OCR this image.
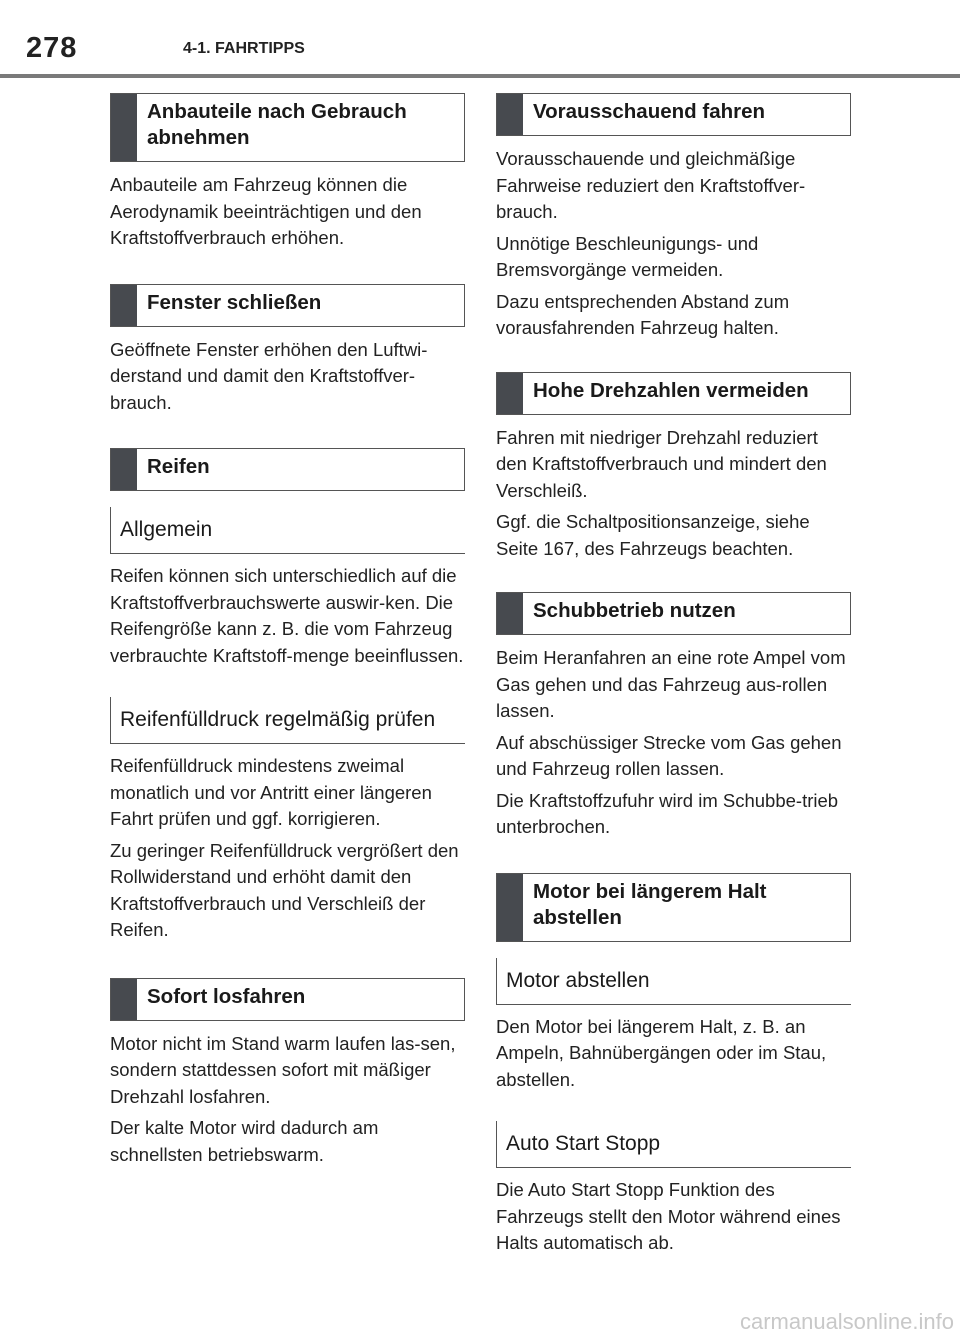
278	4-1. FAHRTIPPS
Anbauteile nach Gebrauch abnehmen

Anbauteile am Fahrzeug können die Aerodynamik beeinträchtigen und den Kraftstoffverbrauch erhöhen.

Fenster schließen

Geöffnete Fenster erhöhen den Luftwi-derstand und damit den Kraftstoffver-brauch.

Reifen
Allgemein

Reifen können sich unterschiedlich auf die Kraftstoffverbrauchswerte auswir-ken. Die Reifengröße kann z. B. die vom Fahrzeug verbrauchte Kraftstoff-menge beeinflussen.

Reifenfülldruck regelmäßig prüfen

Reifenfülldruck mindestens zweimal monatlich und vor Antritt einer längeren Fahrt prüfen und ggf. korrigieren.

Zu geringer Reifenfülldruck vergrößert den Rollwiderstand und erhöht damit den Kraftstoffverbrauch und Verschleiß der Reifen.

Sofort losfahren

Motor nicht im Stand warm laufen las-sen, sondern stattdessen sofort mit mäßiger Drehzahl losfahren.

Der kalte Motor wird dadurch am schnellsten betriebswarm.

Vorausschauend fahren

Vorausschauende und gleichmäßige Fahrweise reduziert den Kraftstoffver-brauch.

Unnötige Beschleunigungs- und Bremsvorgänge vermeiden.

Dazu entsprechenden Abstand zum vorausfahrenden Fahrzeug halten.

Hohe Drehzahlen vermeiden

Fahren mit niedriger Drehzahl reduziert den Kraftstoffverbrauch und mindert den Verschleiß.

Ggf. die Schaltpositionsanzeige, siehe Seite 167, des Fahrzeugs beachten.

Schubbetrieb nutzen

Beim Heranfahren an eine rote Ampel vom Gas gehen und das Fahrzeug aus-rollen lassen.

Auf abschüssiger Strecke vom Gas gehen und Fahrzeug rollen lassen.

Die Kraftstoffzufuhr wird im Schubbe-trieb unterbrochen.

Motor bei längerem Halt abstellen
Motor abstellen

Den Motor bei längerem Halt, z. B. an Ampeln, Bahnübergängen oder im Stau, abstellen.

Auto Start Stopp

Die Auto Start Stopp Funktion des Fahrzeugs stellt den Motor während eines Halts automatisch ab.

carmanualsonline.info
